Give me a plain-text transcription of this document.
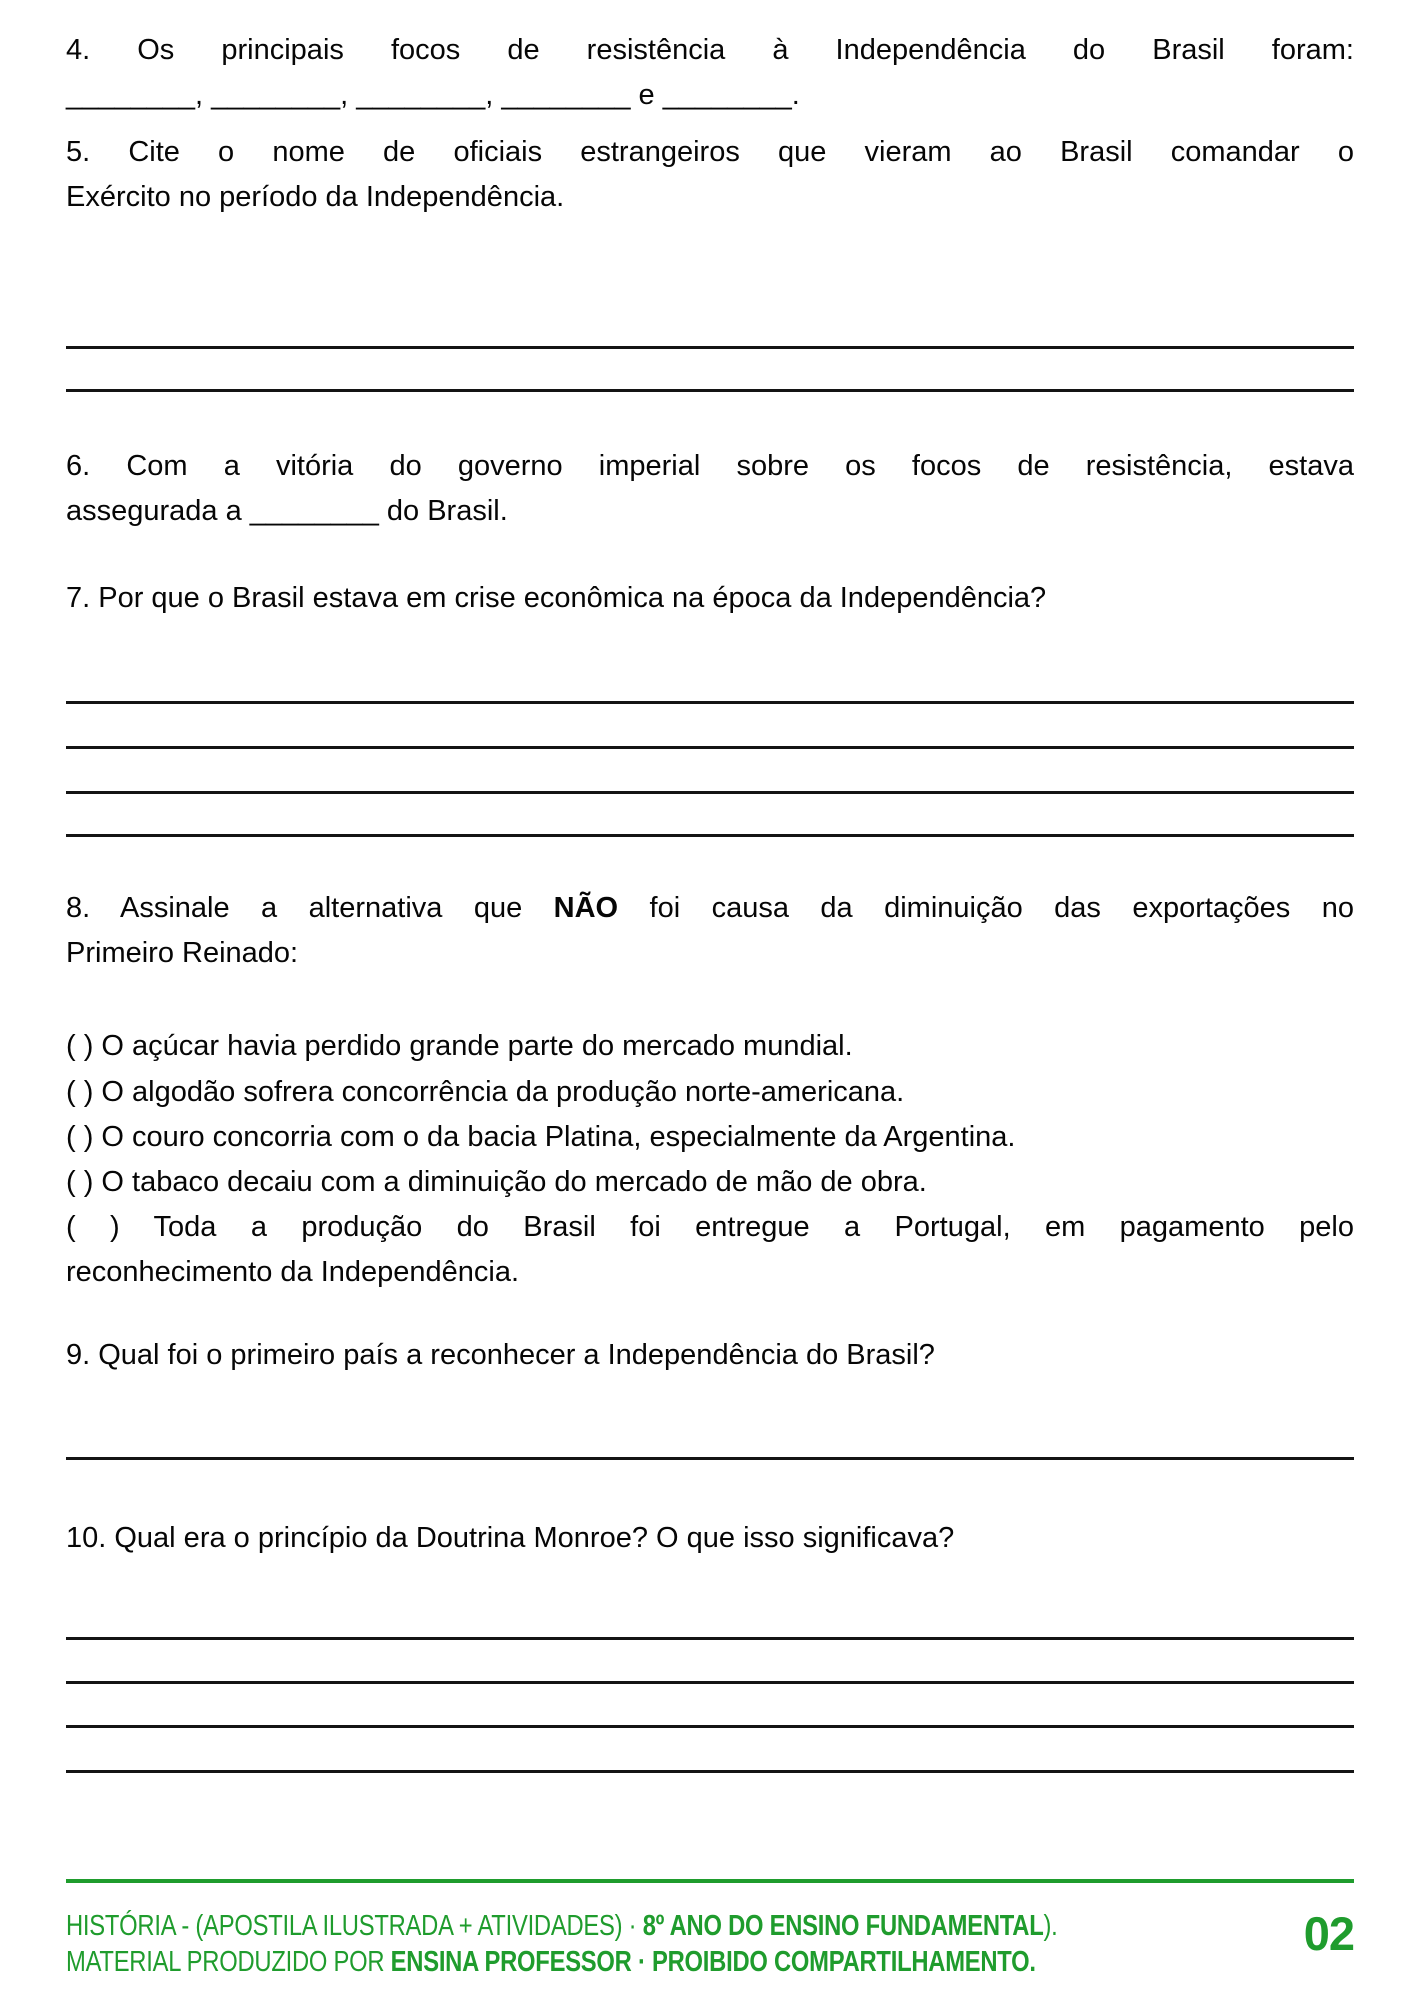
4. Os principais focos de resistência à Independência do Brasil foram:
________, ________, ________, ________ e ________.
5. Cite o nome de oficiais estrangeiros que vieram ao Brasil comandar o
Exército no período da Independência.
6. Com a vitória do governo imperial sobre os focos de resistência, estava
assegurada a ________ do Brasil.
7. Por que o Brasil estava em crise econômica na época da Independência?
8. Assinale a alternativa que NÃO foi causa da diminuição das exportações no
Primeiro Reinado:
( ) O açúcar havia perdido grande parte do mercado mundial.
( ) O algodão sofrera concorrência da produção norte-americana.
( ) O couro concorria com o da bacia Platina, especialmente da Argentina.
( ) O tabaco decaiu com a diminuição do mercado de mão de obra.
( ) Toda a produção do Brasil foi entregue a Portugal, em pagamento pelo
reconhecimento da Independência.
9. Qual foi o primeiro país a reconhecer a Independência do Brasil?
10. Qual era o princípio da Doutrina Monroe? O que isso significava?
HISTÓRIA - (APOSTILA ILUSTRADA + ATIVIDADES) · 8º ANO DO ENSINO FUNDAMENTAL).
MATERIAL PRODUZIDO POR ENSINA PROFESSOR · PROIBIDO COMPARTILHAMENTO.
02
